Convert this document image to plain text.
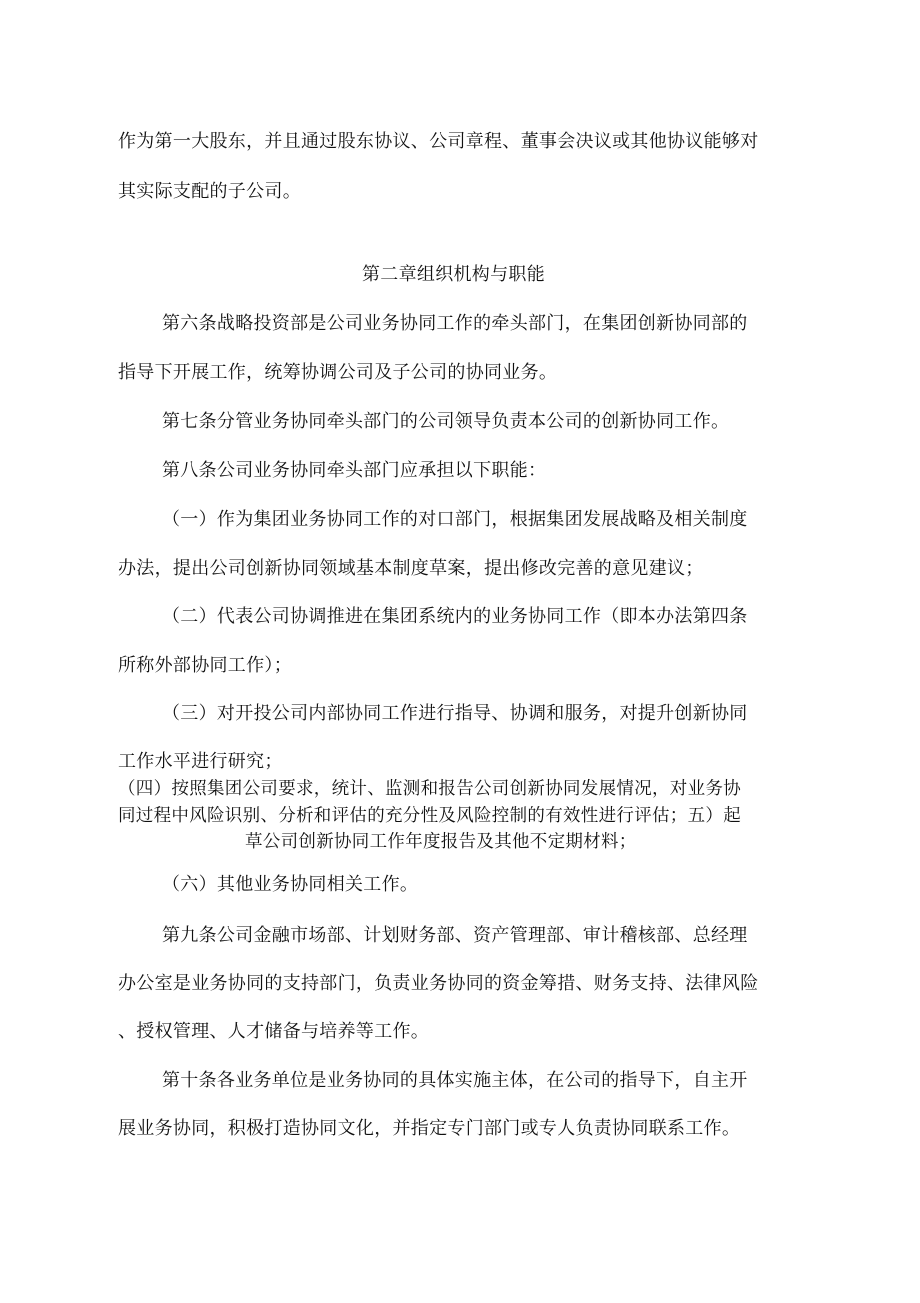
作为第一大股东，并且通过股东协议、公司章程、董事会决议或其他协议能够对
其实际支配的子公司。
第二章组织机构与职能
第六条战略投资部是公司业务协同工作的牵头部门，在集团创新协同部的
指导下开展工作，统筹协调公司及子公司的协同业务。
第七条分管业务协同牵头部门的公司领导负责本公司的创新协同工作。
第八条公司业务协同牵头部门应承担以下职能：
（一）作为集团业务协同工作的对口部门，根据集团发展战略及相关制度
办法，提出公司创新协同领域基本制度草案，提出修改完善的意见建议；
（二）代表公司协调推进在集团系统内的业务协同工作（即本办法第四条
所称外部协同工作）；
（三）对开投公司内部协同工作进行指导、协调和服务，对提升创新协同
工作水平进行研究；
（四）按照集团公司要求，统计、监测和报告公司创新协同发展情况，对业务协
同过程中风险识别、分析和评估的充分性及风险控制的有效性进行评估；五）起
草公司创新协同工作年度报告及其他不定期材料；
（六）其他业务协同相关工作。
第九条公司金融市场部、计划财务部、资产管理部、审计稽核部、总经理
办公室是业务协同的支持部门，负责业务协同的资金筹措、财务支持、法律风险
、授权管理、人才储备与培养等工作。
第十条各业务单位是业务协同的具体实施主体，在公司的指导下，自主开
展业务协同，积极打造协同文化，并指定专门部门或专人负责协同联系工作。
